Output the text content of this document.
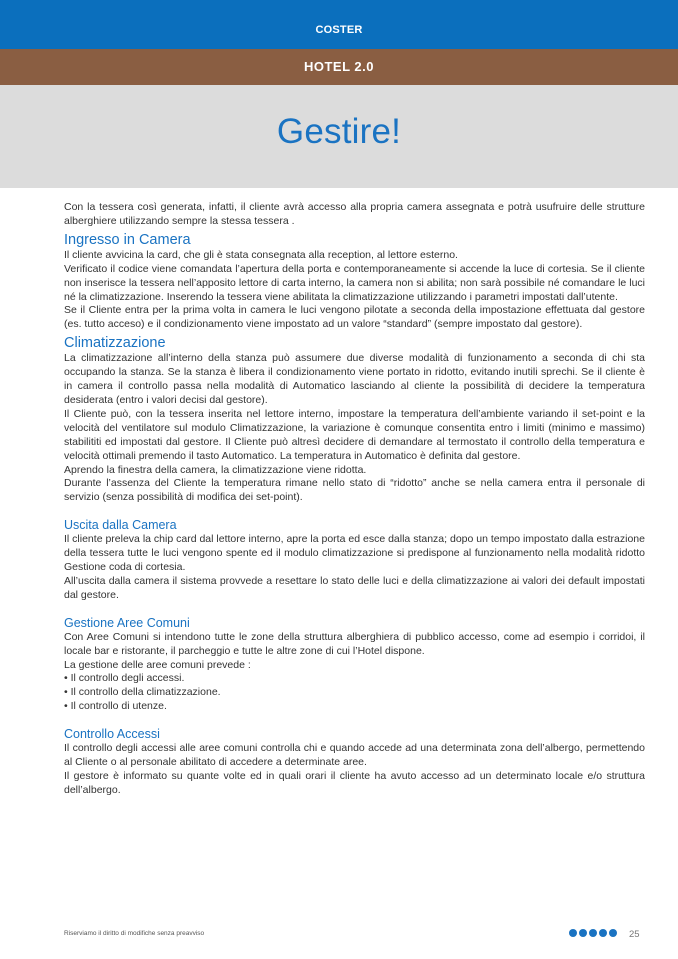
COSTER
HOTEL 2.0
Gestire!

Con la tessera così generata, infatti, il cliente avrà accesso alla propria camera assegnata e potrà usufruire delle strutture alberghiere utilizzando sempre la stessa tessera .

Ingresso in Camera

Il cliente avvicina la card, che gli è stata consegnata alla reception, al lettore esterno.

Verificato il codice viene comandata l’apertura della porta e contemporaneamente si accende la luce di cortesia. Se il cliente non inserisce la tessera nell’apposito lettore di carta interno, la camera non si abilita; non sarà possibile né comandare le luci né la climatizzazione. Inserendo la tessera viene abilitata la climatizzazione utilizzando i parametri impostati dall’utente.

Se il Cliente entra per la prima volta in camera le luci vengono pilotate a seconda della impostazione effettuata dal gestore (es. tutto acceso) e il condizionamento viene impostato ad un valore “standard” (sempre impostato dal gestore).

Climatizzazione

La climatizzazione all’interno della stanza può assumere due diverse modalità di funzionamento a seconda di chi sta occupando la stanza. Se la stanza è libera il condizionamento viene portato in ridotto, evitando inutili sprechi. Se il cliente è in camera il controllo passa nella modalità di Automatico lasciando al cliente la possibilità di decidere la temperatura desiderata (entro i valori decisi dal gestore).

Il Cliente può, con la tessera inserita nel lettore interno, impostare la temperatura dell’ambiente variando il set-point e la velocità del ventilatore sul modulo Climatizzazione, la variazione è comunque consentita entro i limiti (minimo e massimo) stabilititi ed impostati dal gestore. Il Cliente può altresì decidere di demandare al termostato il controllo della temperatura e velocità ottimali premendo il tasto Automatico. La temperatura in Automatico è definita dal gestore.

Aprendo la finestra della camera, la climatizzazione viene ridotta.

Durante l’assenza del Cliente la temperatura rimane nello stato di “ridotto” anche se nella camera entra il personale di servizio (senza possibilità di modifica dei set-point).

Uscita dalla Camera

Il cliente preleva la chip card dal lettore interno, apre la porta ed esce dalla stanza; dopo un tempo impostato dalla estrazione della tessera tutte le luci vengono spente ed il modulo climatizzazione si predispone al funzionamento nella modalità ridotto Gestione coda di cortesia.

All’uscita dalla camera il sistema provvede a resettare lo stato delle luci e della climatizzazione ai valori dei default impostati dal gestore.

Gestione Aree Comuni

Con Aree Comuni si intendono tutte le zone della struttura alberghiera di pubblico accesso, come ad esempio i corridoi, il locale bar e ristorante, il parcheggio e tutte le altre zone di cui l’Hotel dispone.

La gestione delle aree comuni prevede :

• Il controllo degli accessi.

• Il controllo della climatizzazione.

• Il controllo di utenze.

Controllo Accessi

Il controllo degli accessi alle aree comuni controlla chi e quando accede ad una determinata zona dell’albergo, permettendo al Cliente o al personale abilitato di accedere a determinate aree.

Il gestore è informato su quante volte ed in quali orari il cliente ha avuto accesso ad un determinato locale e/o struttura dell’albergo.

Riserviamo il diritto di modifiche senza preavviso	25
